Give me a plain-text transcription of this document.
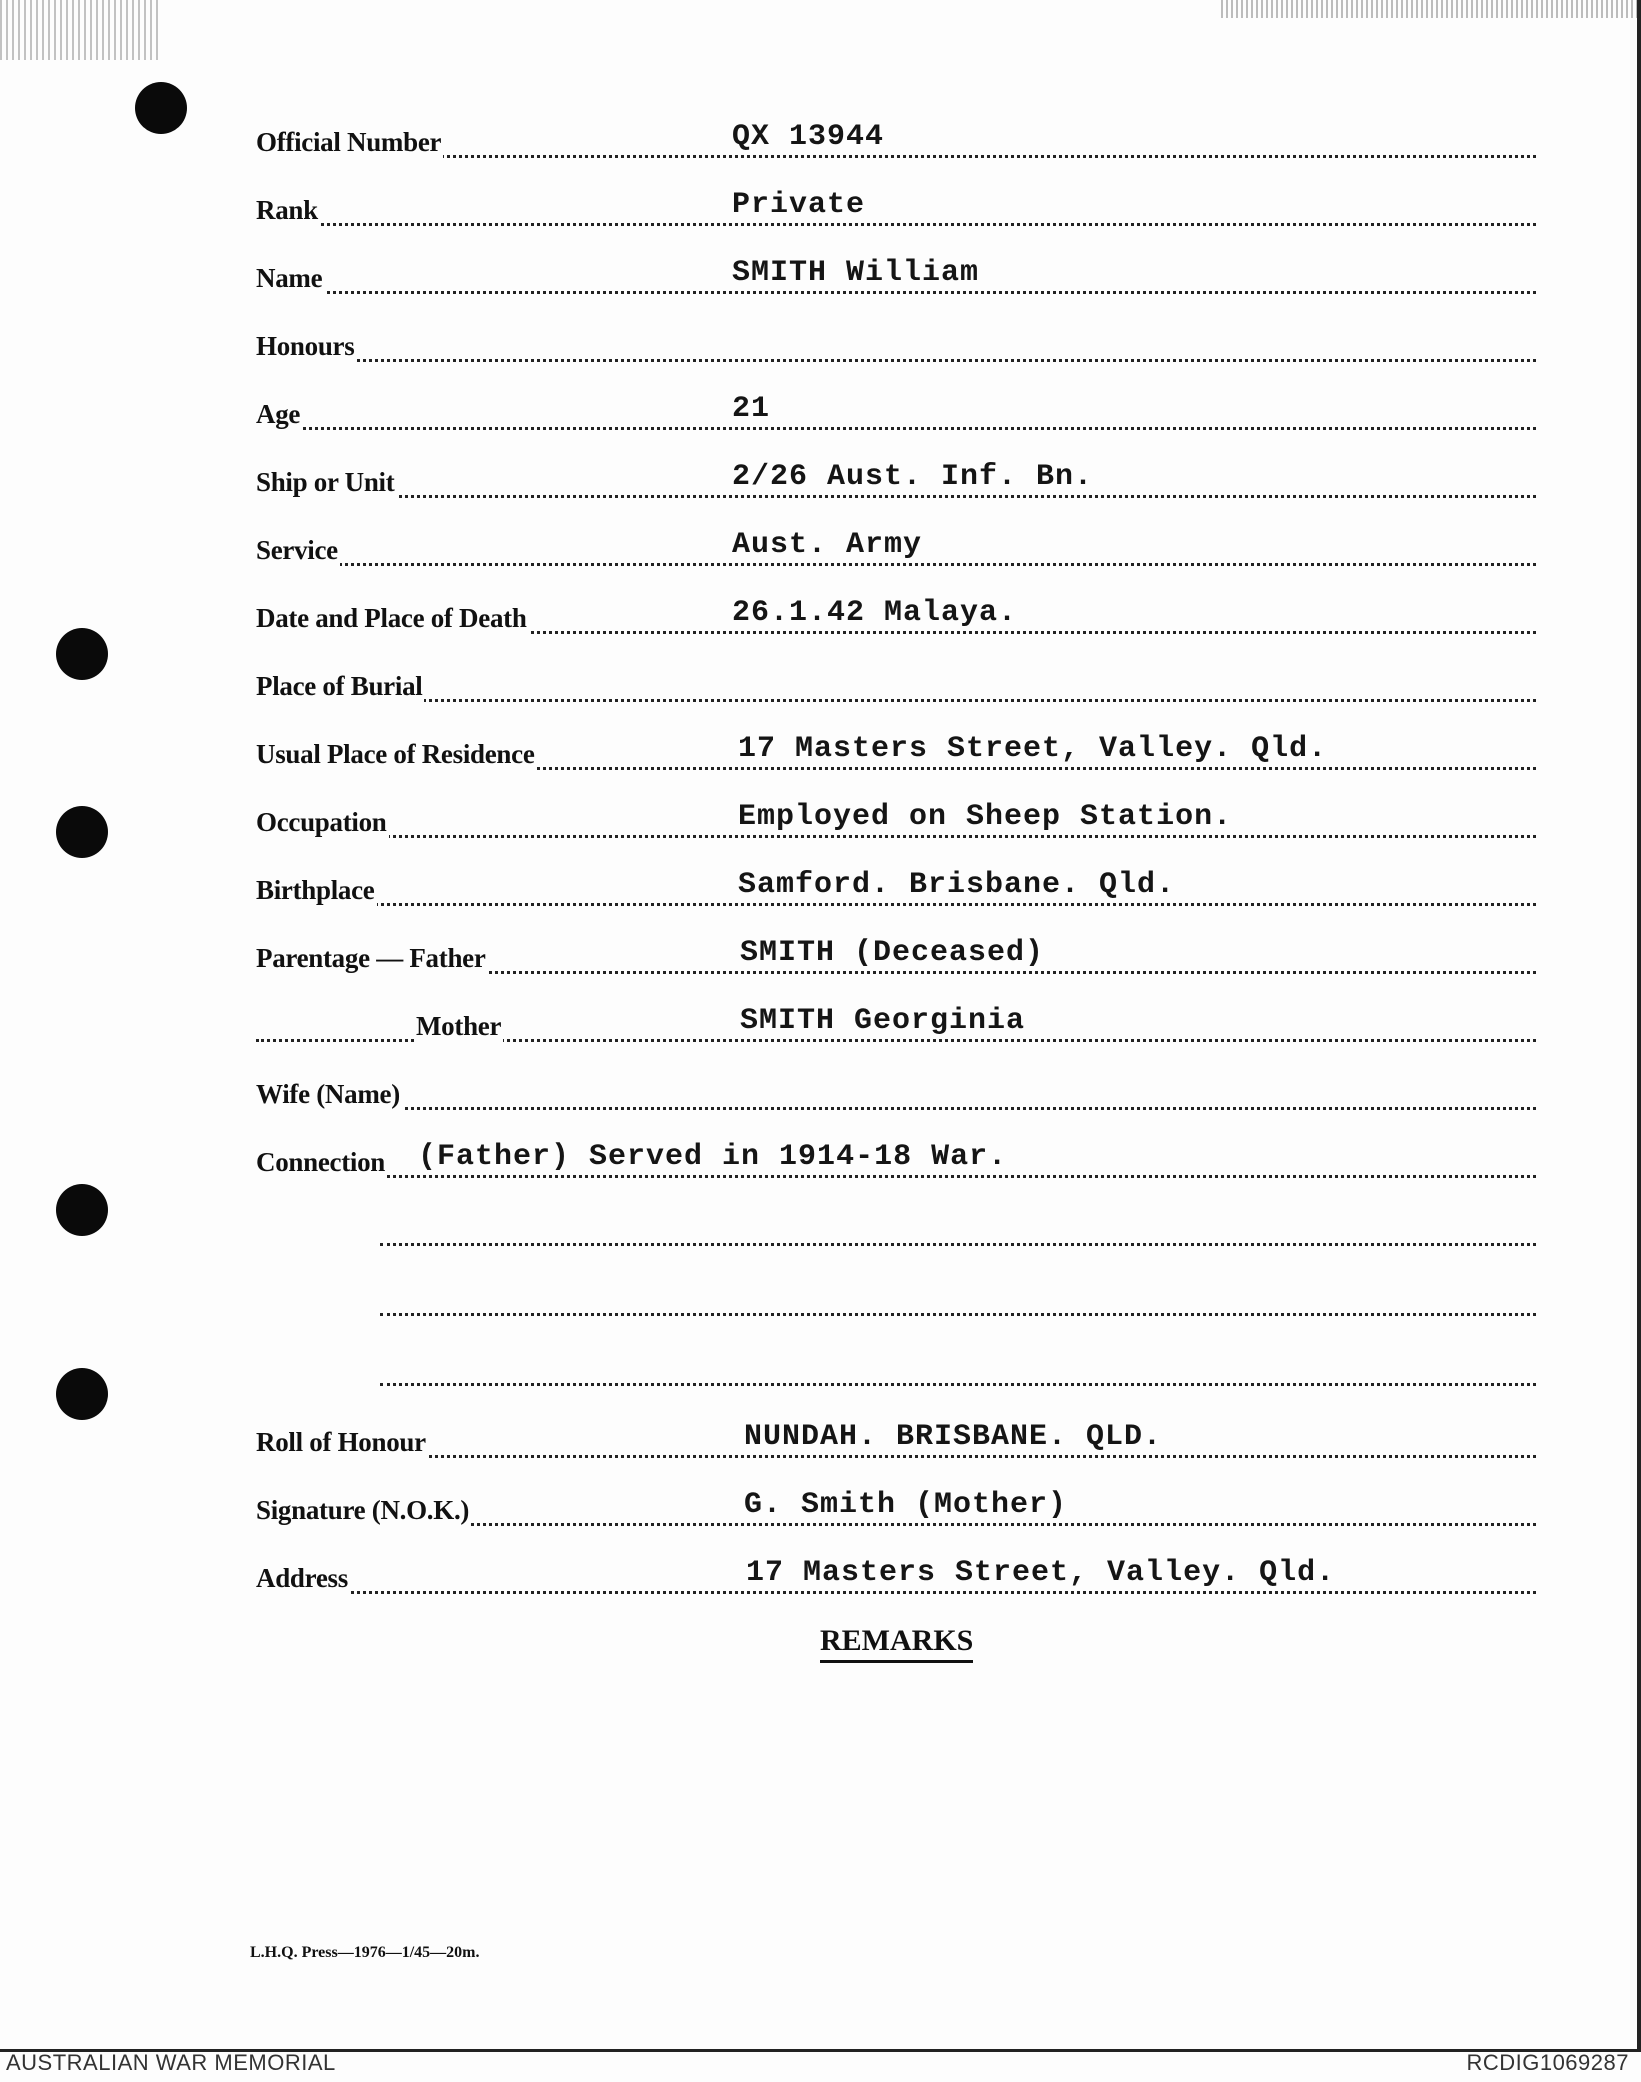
Official Number	QX 13944
Rank	Private
Name	SMITH William
Honours
Age	21
Ship or Unit	2/26 Aust. Inf. Bn.
Service	Aust. Army
Date and Place of Death	26.1.42 Malaya.
Place of Burial
Usual Place of Residence	17 Masters Street, Valley. Qld.
Occupation	Employed on Sheep Station.
Birthplace	Samford. Brisbane. Qld.
Parentage — Father	SMITH (Deceased)
Mother	SMITH Georginia
Wife (Name)
Connection (Father) Served in 1914-18 War.
Roll of Honour	NUNDAH. BRISBANE. QLD.
Signature (N.O.K.)	G. Smith (Mother)
Address	17 Masters Street, Valley. Qld.
REMARKS
L.H.Q. Press—1976—1/45—20m.
AUSTRALIAN WAR MEMORIAL	RCDIG1069287
